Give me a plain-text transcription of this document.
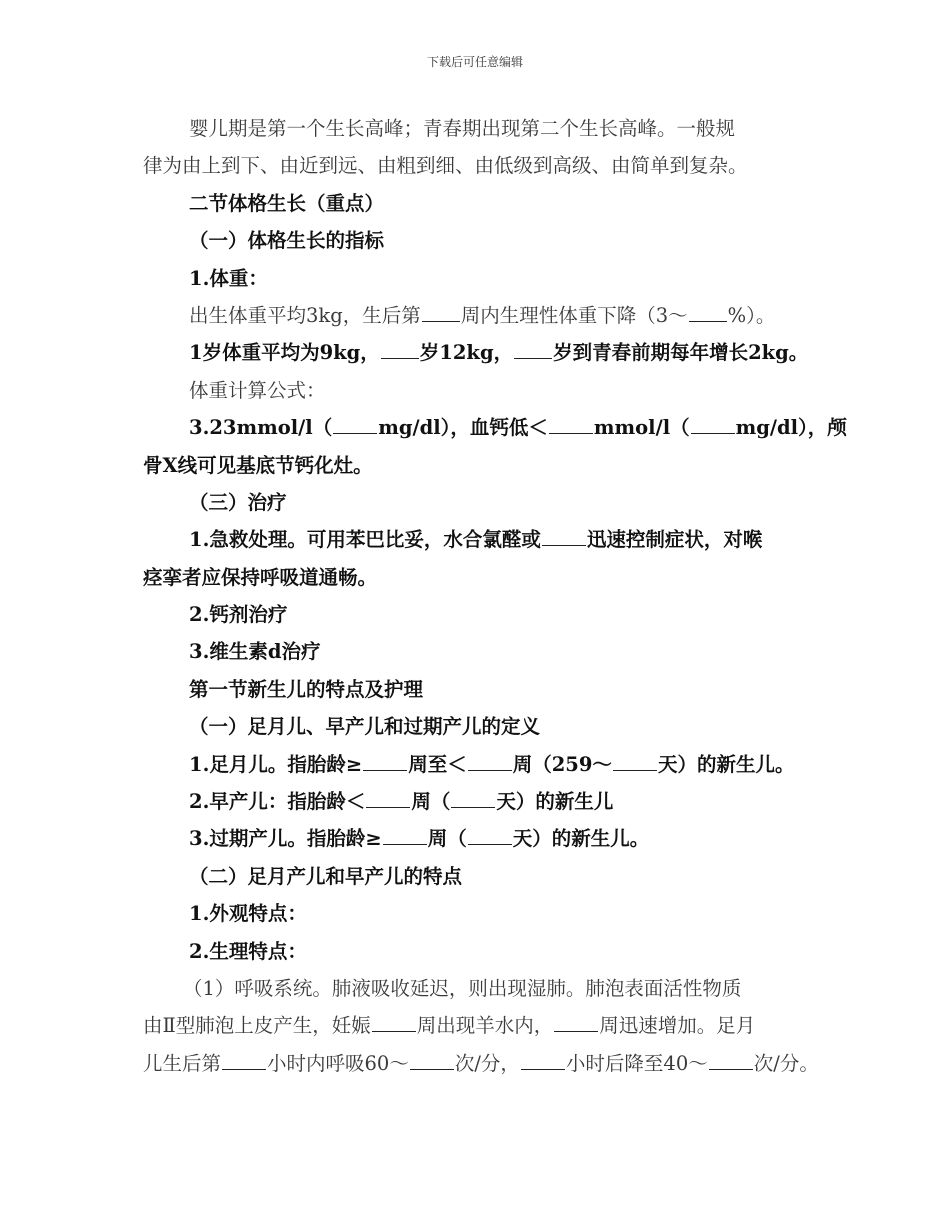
下载后可任意编辑
婴儿期是第一个生长高峰；青春期出现第二个生长高峰。一般规
律为由上到下、由近到远、由粗到细、由低级到高级、由简单到复杂。
二节体格生长（重点）
（一）体格生长的指标
1.体重：
出生体重平均3kg，生后第 周内生理性体重下降（3～ %）。
1岁体重平均为9kg， 岁12kg， 岁到青春前期每年增长2kg。
体重计算公式：
3.23mmol/l（ mg/dl），血钙低＜ mmol/l（ mg/dl），颅
骨X线可见基底节钙化灶。
（三）治疗
1.急救处理。可用苯巴比妥，水合氯醛或 迅速控制症状，对喉
痉挛者应保持呼吸道通畅。
2.钙剂治疗
3.维生素d治疗
第一节新生儿的特点及护理
（一）足月儿、早产儿和过期产儿的定义
1.足月儿。指胎龄≥ 周至＜ 周（259～ 天）的新生儿。
2.早产儿：指胎龄＜ 周（ 天）的新生儿
3.过期产儿。指胎龄≥ 周（ 天）的新生儿。
（二）足月产儿和早产儿的特点
1.外观特点：
2.生理特点：
（1）呼吸系统。肺液吸收延迟，则出现湿肺。肺泡表面活性物质
由Ⅱ型肺泡上皮产生，妊娠 周出现羊水内， 周迅速增加。足月
儿生后第 小时内呼吸60～ 次/分， 小时后降至40～ 次/分。
